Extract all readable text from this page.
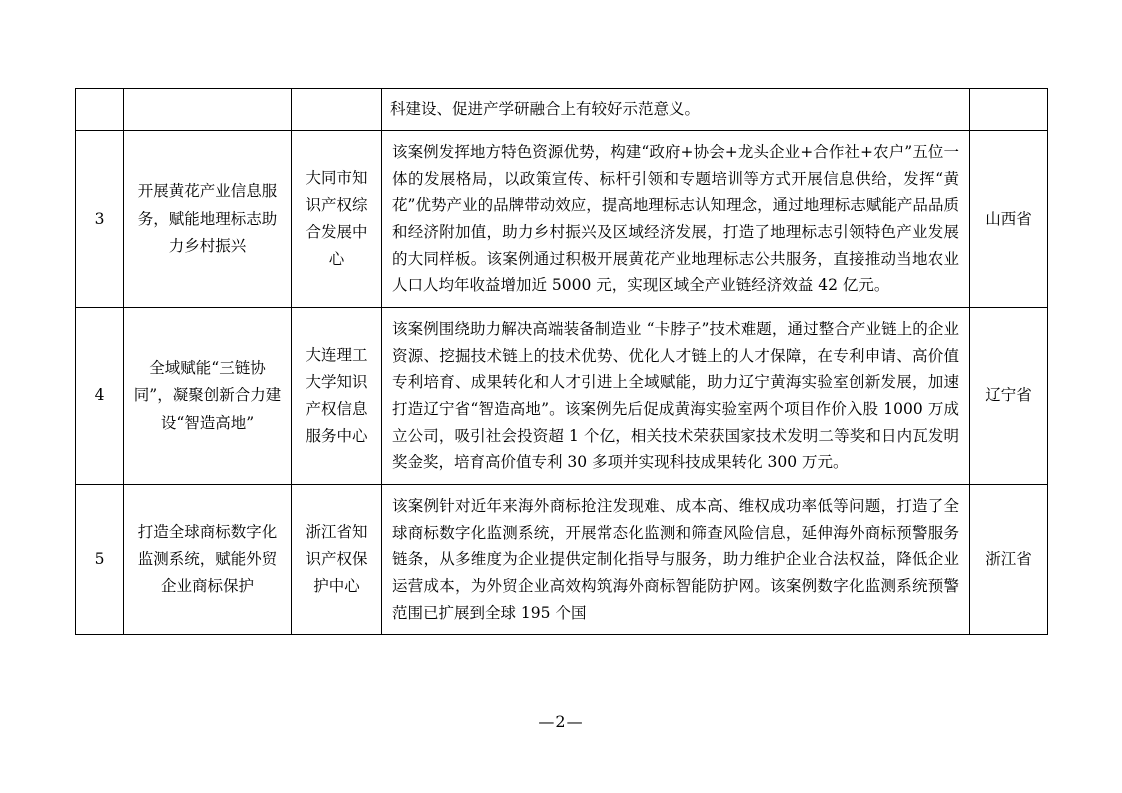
			科建设、促进产学研融合上有较好示范意义。	
3	开展黄花产业信息服务，赋能地理标志助力乡村振兴	大同市知识产权综合发展中心	该案例发挥地方特色资源优势，构建“政府+协会+龙头企业+合作社+农户”五位一体的发展格局，以政策宣传、标杆引领和专题培训等方式开展信息供给，发挥“黄花”优势产业的品牌带动效应，提高地理标志认知理念，通过地理标志赋能产品品质和经济附加值，助力乡村振兴及区域经济发展，打造了地理标志引领特色产业发展的大同样板。该案例通过积极开展黄花产业地理标志公共服务，直接推动当地农业人口人均年收益增加近 5000 元，实现区域全产业链经济效益 42 亿元。	山西省
4	全域赋能“三链协同”，凝聚创新合力建设“智造高地”	大连理工大学知识产权信息服务中心	该案例围绕助力解决高端装备制造业 “卡脖子”技术难题，通过整合产业链上的企业资源、挖掘技术链上的技术优势、优化人才链上的人才保障，在专利申请、高价值专利培育、成果转化和人才引进上全域赋能，助力辽宁黄海实验室创新发展，加速打造辽宁省“智造高地”。该案例先后促成黄海实验室两个项目作价入股 1000 万成立公司，吸引社会投资超 1 个亿，相关技术荣获国家技术发明二等奖和日内瓦发明奖金奖，培育高价值专利 30 多项并实现科技成果转化 300 万元。	辽宁省
5	打造全球商标数字化监测系统，赋能外贸企业商标保护	浙江省知识产权保护中心	该案例针对近年来海外商标抢注发现难、成本高、维权成功率低等问题，打造了全球商标数字化监测系统，开展常态化监测和筛查风险信息，延伸海外商标预警服务链条，从多维度为企业提供定制化指导与服务，助力维护企业合法权益，降低企业运营成本，为外贸企业高效构筑海外商标智能防护网。该案例数字化监测系统预警范围已扩展到全球 195 个国	浙江省
—2—
